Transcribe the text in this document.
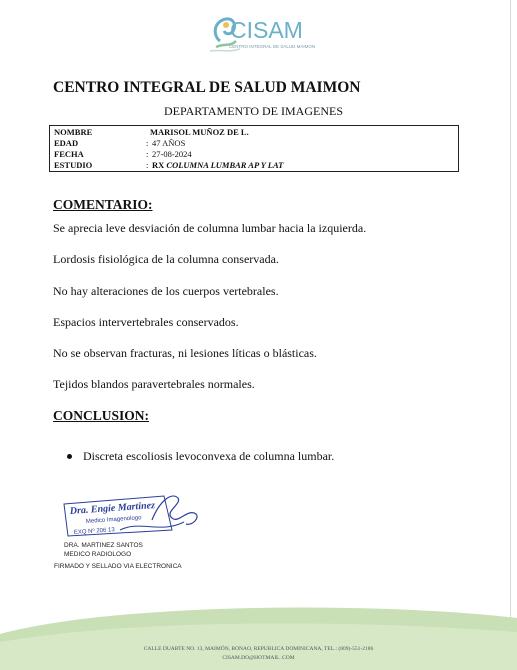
CISAM
CENTRO INTEGRAL DE SALUD MAIMON
CENTRO INTEGRAL DE SALUD MAIMON
DEPARTAMENTO DE IMAGENES
NOMBRE	MARISOL MUÑOZ DE L.
EDAD	: 47 AÑOS
FECHA	: 27-08-2024
ESTUDIO	: RX COLUMNA LUMBAR AP Y LAT
COMENTARIO:
Se aprecia leve desviación de columna lumbar hacia la izquierda.
Lordosis fisiológica de la columna conservada.
No hay alteraciones de los cuerpos vertebrales.
Espacios intervertebrales conservados.
No se observan fracturas, ni lesiones líticas o blásticas.
Tejidos blandos paravertebrales normales.
CONCLUSION:
Discreta escoliosis levoconvexa de columna lumbar.
Dra. Engie Martinez
Medico Imagenologo
EXQ Nº 206 13
DRA. MARTINEZ SANTOS
MEDICO RADIOLOGO
FIRMADO Y SELLADO VIA ELECTRONICA
CALLE DUARTE NO. 13, MAIMÓN, BONAO, REPUBLICA DOMINICANA, TEL.: (809)-551-2186
CISAM.DO@HOTMAIL .COM
